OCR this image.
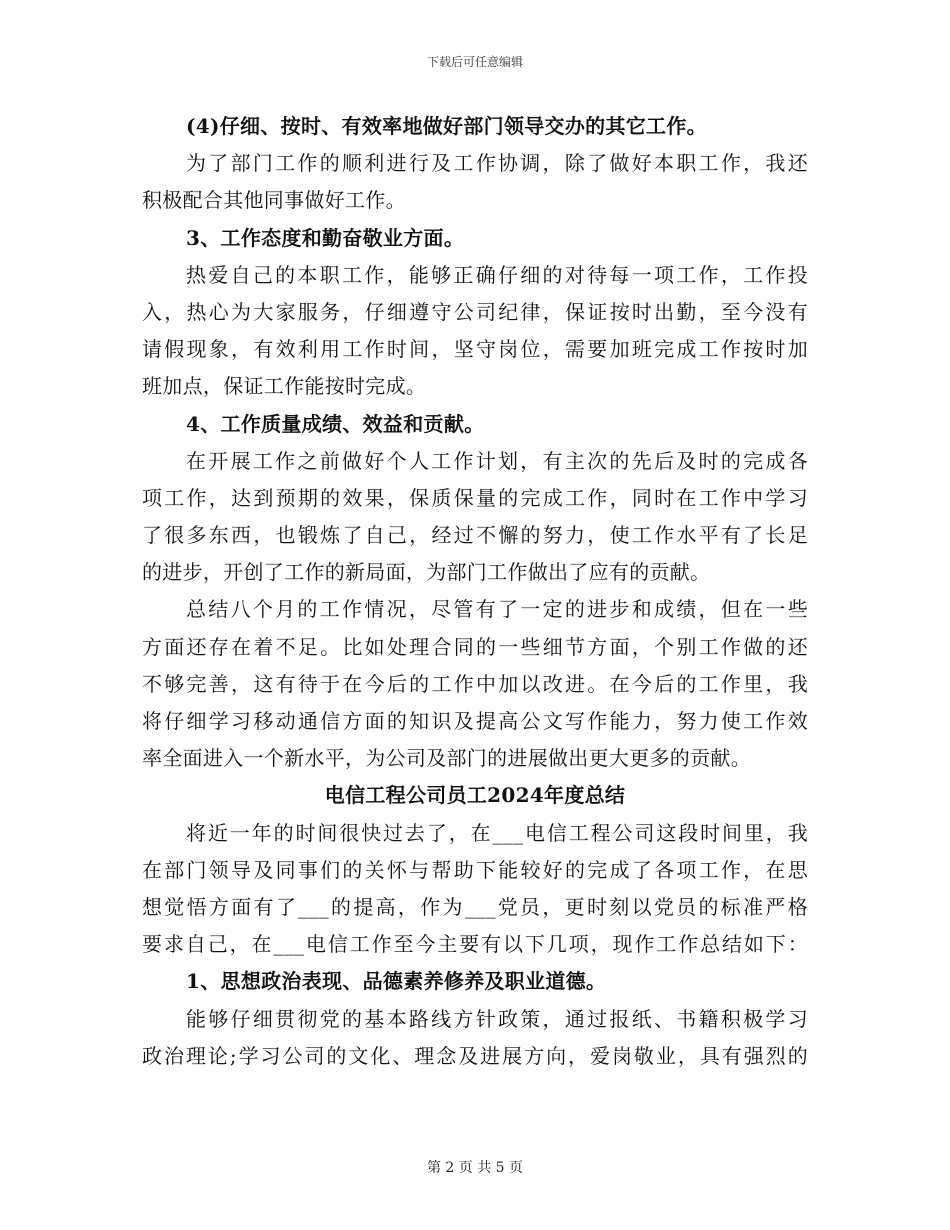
下载后可任意编辑
(4)仔细、按时、有效率地做好部门领导交办的其它工作。
为了部门工作的顺利进行及工作协调，除了做好本职工作，我还
积极配合其他同事做好工作。
3、工作态度和勤奋敬业方面。
热爱自己的本职工作，能够正确仔细的对待每一项工作，工作投
入，热心为大家服务，仔细遵守公司纪律，保证按时出勤，至今没有
请假现象，有效利用工作时间，坚守岗位，需要加班完成工作按时加
班加点，保证工作能按时完成。
4、工作质量成绩、效益和贡献。
在开展工作之前做好个人工作计划，有主次的先后及时的完成各
项工作，达到预期的效果，保质保量的完成工作，同时在工作中学习
了很多东西，也锻炼了自己，经过不懈的努力，使工作水平有了长足
的进步，开创了工作的新局面，为部门工作做出了应有的贡献。
总结八个月的工作情况，尽管有了一定的进步和成绩，但在一些
方面还存在着不足。比如处理合同的一些细节方面，个别工作做的还
不够完善，这有待于在今后的工作中加以改进。在今后的工作里，我
将仔细学习移动通信方面的知识及提高公文写作能力，努力使工作效
率全面进入一个新水平，为公司及部门的进展做出更大更多的贡献。
电信工程公司员工2024年度总结
将近一年的时间很快过去了，在___电信工程公司这段时间里，我
在部门领导及同事们的关怀与帮助下能较好的完成了各项工作，在思
想觉悟方面有了___的提高，作为___党员，更时刻以党员的标准严格
要求自己，在___电信工作至今主要有以下几项，现作工作总结如下：
1、思想政治表现、品德素养修养及职业道德。
能够仔细贯彻党的基本路线方针政策，通过报纸、书籍积极学习
政治理论;学习公司的文化、理念及进展方向，爱岗敬业，具有强烈的
第 2 页 共 5 页
